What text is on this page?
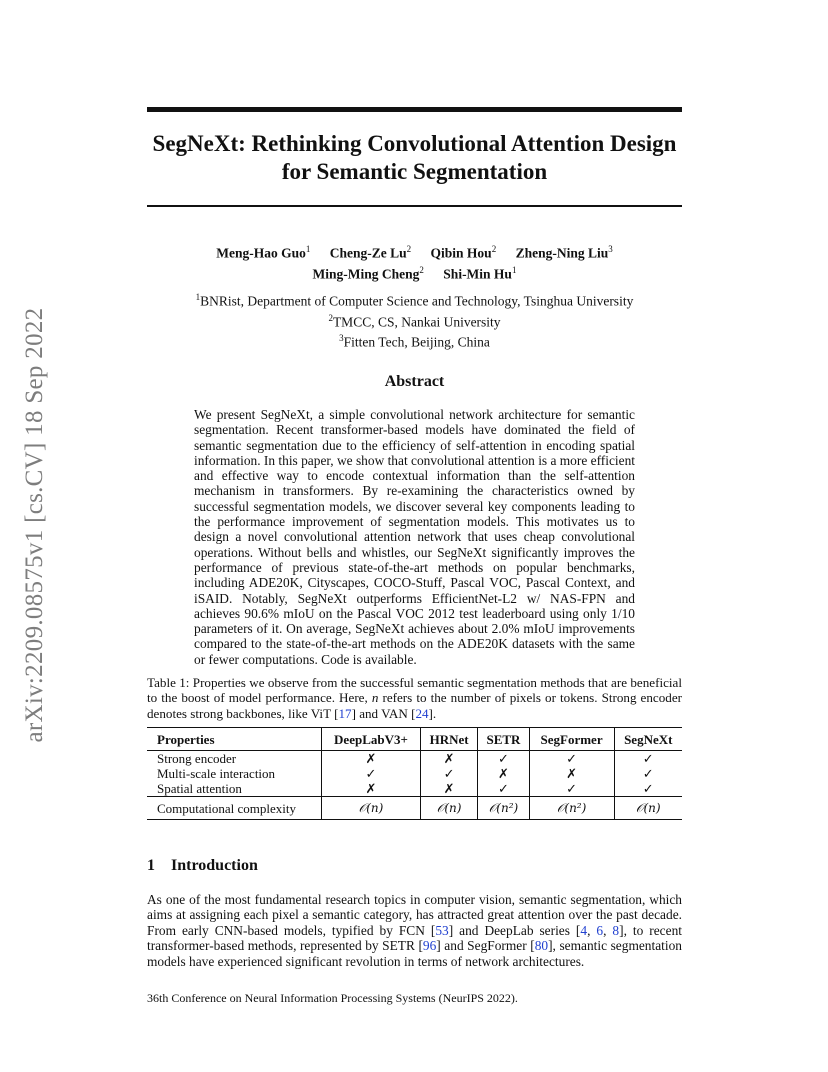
arXiv:2209.08575v1 [cs.CV] 18 Sep 2022
SegNeXt: Rethinking Convolutional Attention Design for Semantic Segmentation
Meng-Hao Guo$^1$ Cheng-Ze Lu$^2$ Qibin Hou$^2$ Zheng-Ning Liu$^3$
Ming-Ming Cheng$^2$ Shi-Min Hu$^1$
$^1$BNRist, Department of Computer Science and Technology, Tsinghua University
$^2$TMCC, CS, Nankai University
$^3$Fitten Tech, Beijing, China
Abstract
We present SegNeXt, a simple convolutional network architecture for semantic segmentation. Recent transformer-based models have dominated the field of semantic segmentation due to the efficiency of self-attention in encoding spatial information. In this paper, we show that convolutional attention is a more efficient and effective way to encode contextual information than the self-attention mechanism in transformers. By re-examining the characteristics owned by successful segmentation models, we discover several key components leading to the performance improvement of segmentation models. This motivates us to design a novel convolutional attention network that uses cheap convolutional operations. Without bells and whistles, our SegNeXt significantly improves the performance of previous state-of-the-art methods on popular benchmarks, including ADE20K, Cityscapes, COCO-Stuff, Pascal VOC, Pascal Context, and iSAID. Notably, SegNeXt outperforms EfficientNet-L2 w/ NAS-FPN and achieves 90.6% mIoU on the Pascal VOC 2012 test leaderboard using only 1/10 parameters of it. On average, SegNeXt achieves about 2.0% mIoU improvements compared to the state-of-the-art methods on the ADE20K datasets with the same or fewer computations. Code is available.
Table 1: Properties we observe from the successful semantic segmentation methods that are beneficial to the boost of model performance. Here, n refers to the number of pixels or tokens. Strong encoder denotes strong backbones, like ViT [17] and VAN [24].
Properties	DeepLabV3+	HRNet	SETR	SegFormer	SegNeXt
Strong encoder	✗	✗	✓	✓	✓
Multi-scale interaction	✓	✓	✗	✗	✓
Spatial attention	✗	✗	✓	✓	✓
Computational complexity	𝒪(n)	𝒪(n)	𝒪(n²)	𝒪(n²)	𝒪(n)
1 Introduction
As one of the most fundamental research topics in computer vision, semantic segmentation, which aims at assigning each pixel a semantic category, has attracted great attention over the past decade. From early CNN-based models, typified by FCN [53] and DeepLab series [4, 6, 8], to recent transformer-based methods, represented by SETR [96] and SegFormer [80], semantic segmentation models have experienced significant revolution in terms of network architectures.
36th Conference on Neural Information Processing Systems (NeurIPS 2022).
